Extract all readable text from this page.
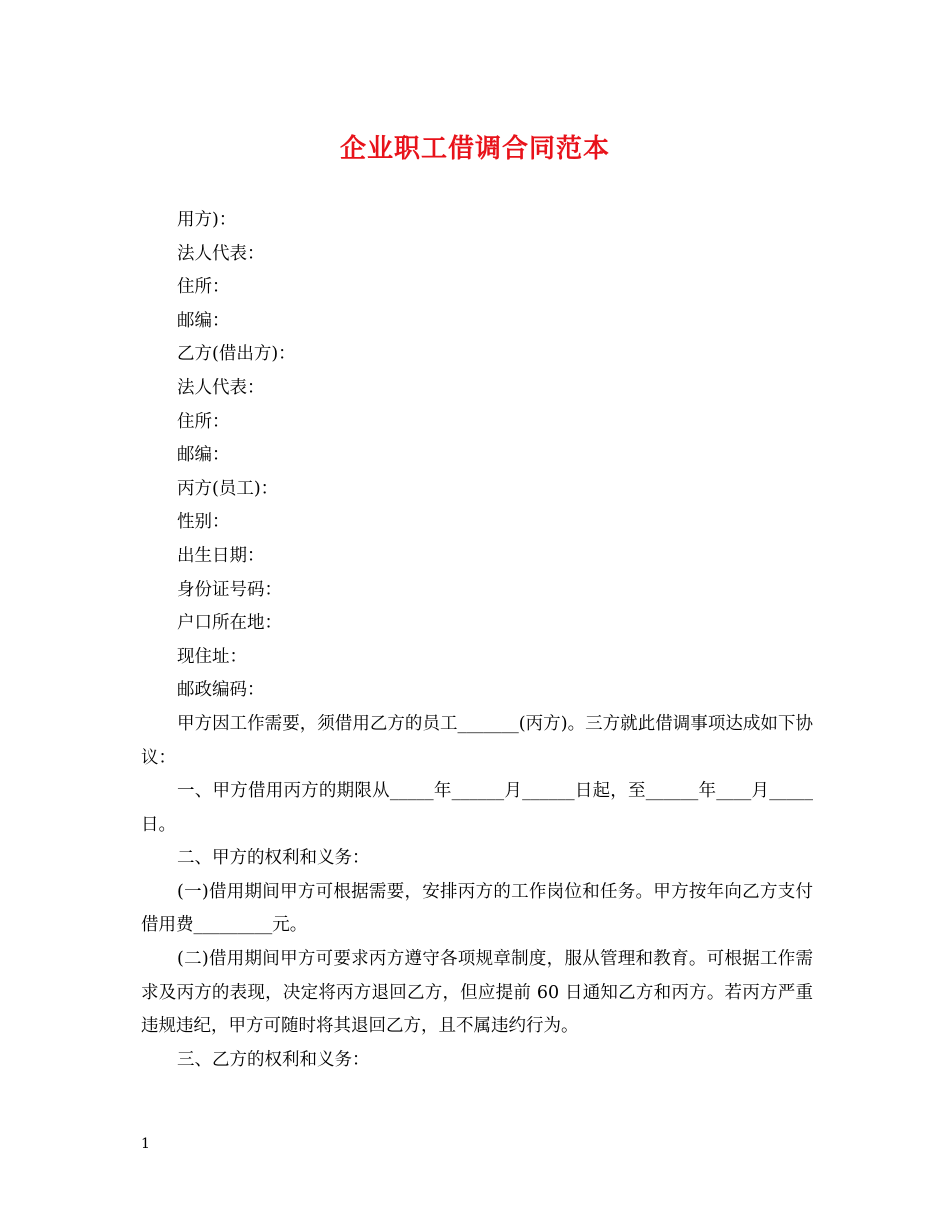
企业职工借调合同范本

用方)：

法人代表：

住所：

邮编：

乙方(借出方)：

法人代表：

住所：

邮编：

丙方(员工)：

性别：

出生日期：

身份证号码：

户口所在地：

现住址：

邮政编码：

甲方因工作需要，须借用乙方的员工_______(丙方)。三方就此借调事项达成如下协议：

一、甲方借用丙方的期限从_____年______月______日起，至______年____月_____日。

二、甲方的权利和义务：

(一)借用期间甲方可根据需要，安排丙方的工作岗位和任务。甲方按年向乙方支付借用费_________元。

(二)借用期间甲方可要求丙方遵守各项规章制度，服从管理和教育。可根据工作需求及丙方的表现，决定将丙方退回乙方，但应提前 60 日通知乙方和丙方。若丙方严重违规违纪，甲方可随时将其退回乙方，且不属违约行为。

三、乙方的权利和义务：

1
